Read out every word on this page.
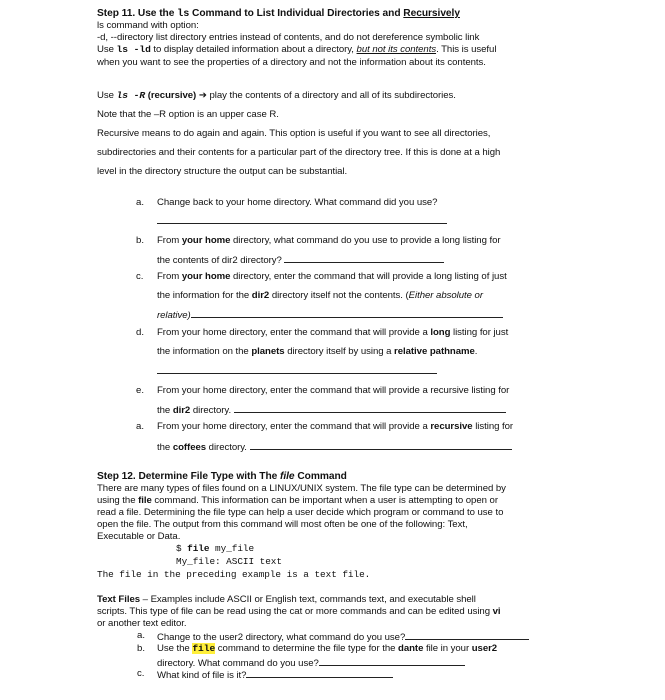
Step 11. Use the ls Command to List Individual Directories and Recursively
ls command with option:
-d, --directory list directory entries instead of contents, and do not dereference symbolic link
Use ls -ld to display detailed information about a directory, but not its contents. This is useful
when you want to see the properties of a directory and not the information about its contents.
Use ls -R (recursive) ➔ play the contents of a directory and all of its subdirectories.
Note that the –R option is an upper case R.
Recursive means to do again and again. This option is useful if you want to see all directories,
subdirectories and their contents for a particular part of the directory tree. If this is done at a high
level in the directory structure the output can be substantial.
a. Change back to your home directory. What command did you use?
b. From your home directory, what command do you use to provide a long listing for
the contents of dir2 directory?
c. From your home directory, enter the command that will provide a long listing of just
the information for the dir2 directory itself not the contents. (Either absolute or
relative)
d. From your home directory, enter the command that will provide a long listing for just
the information on the planets directory itself by using a relative pathname.
e. From your home directory, enter the command that will provide a recursive listing for
the dir2 directory.
a. From your home directory, enter the command that will provide a recursive listing for
the coffees directory.
Step 12. Determine File Type with The file Command
There are many types of files found on a LINUX/UNIX system. The file type can be determined by
using the file command. This information can be important when a user is attempting to open or
read a file. Determining the file type can help a user decide which program or command to use to
open the file. The output from this command will most often be one of the following: Text,
Executable or Data.
$ file my_file
My_file: ASCII text
The file in the preceding example is a text file.
Text Files – Examples include ASCII or English text, commands text, and executable shell
scripts. This type of file can be read using the cat or more commands and can be edited using vi
or another text editor.
a. Change to the user2 directory, what command do you use?
b. Use the file command to determine the file type for the dante file in your user2
directory. What command do you use?
c. What kind of file is it?
